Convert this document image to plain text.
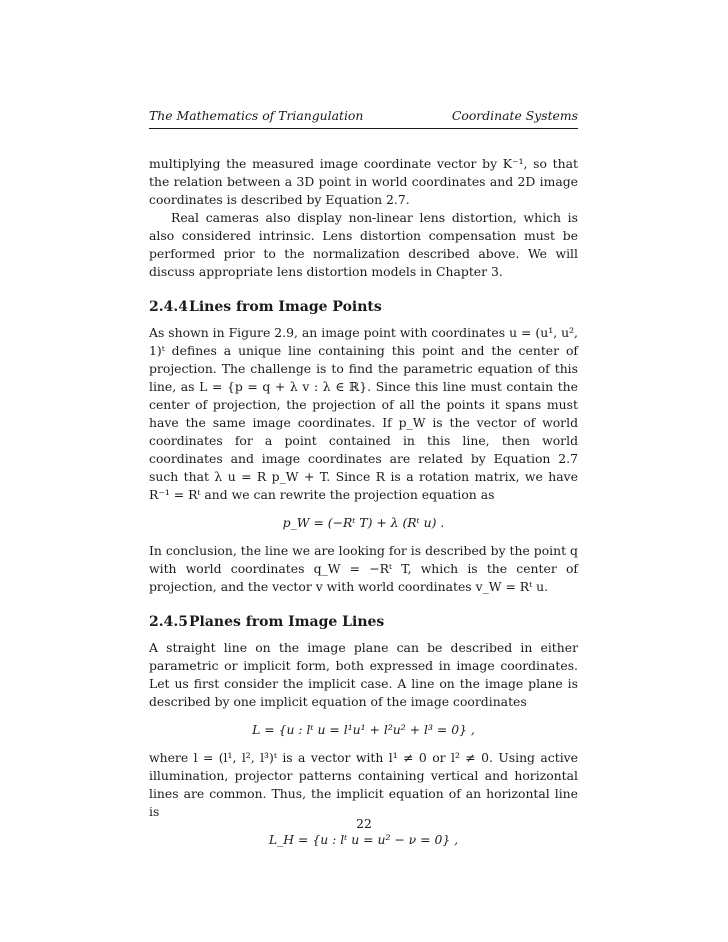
The Mathematics of Triangulation	Coordinate Systems

multiplying the measured image coordinate vector by K⁻¹, so that the relation between a 3D point in world coordinates and 2D image coordinates is described by Equation 2.7.

Real cameras also display non-linear lens distortion, which is also considered intrinsic. Lens distortion compensation must be performed prior to the normalization described above. We will discuss appropriate lens distortion models in Chapter 3.

2.4.4Lines from Image Points

As shown in Figure 2.9, an image point with coordinates u = (u¹, u², 1)ᵗ defines a unique line containing this point and the center of projection. The challenge is to find the parametric equation of this line, as L = {p = q + λ v : λ ∈ ℝ}. Since this line must contain the center of projection, the projection of all the points it spans must have the same image coordinates. If p_W is the vector of world coordinates for a point contained in this line, then world coordinates and image coordinates are related by Equation 2.7 such that λ u = R p_W + T. Since R is a rotation matrix, we have R⁻¹ = Rᵗ and we can rewrite the projection equation as

p_W = (−Rᵗ T) + λ (Rᵗ u) .

In conclusion, the line we are looking for is described by the point q with world coordinates q_W = −Rᵗ T, which is the center of projection, and the vector v with world coordinates v_W = Rᵗ u.

2.4.5Planes from Image Lines

A straight line on the image plane can be described in either parametric or implicit form, both expressed in image coordinates. Let us first consider the implicit case. A line on the image plane is described by one implicit equation of the image coordinates

L = {u : lᵗ u = l¹u¹ + l²u² + l³ = 0} ,

where l = (l¹, l², l³)ᵗ is a vector with l¹ ≠ 0 or l² ≠ 0. Using active illumination, projector patterns containing vertical and horizontal lines are common. Thus, the implicit equation of an horizontal line is

L_H = {u : lᵗ u = u² − ν = 0} ,
22
